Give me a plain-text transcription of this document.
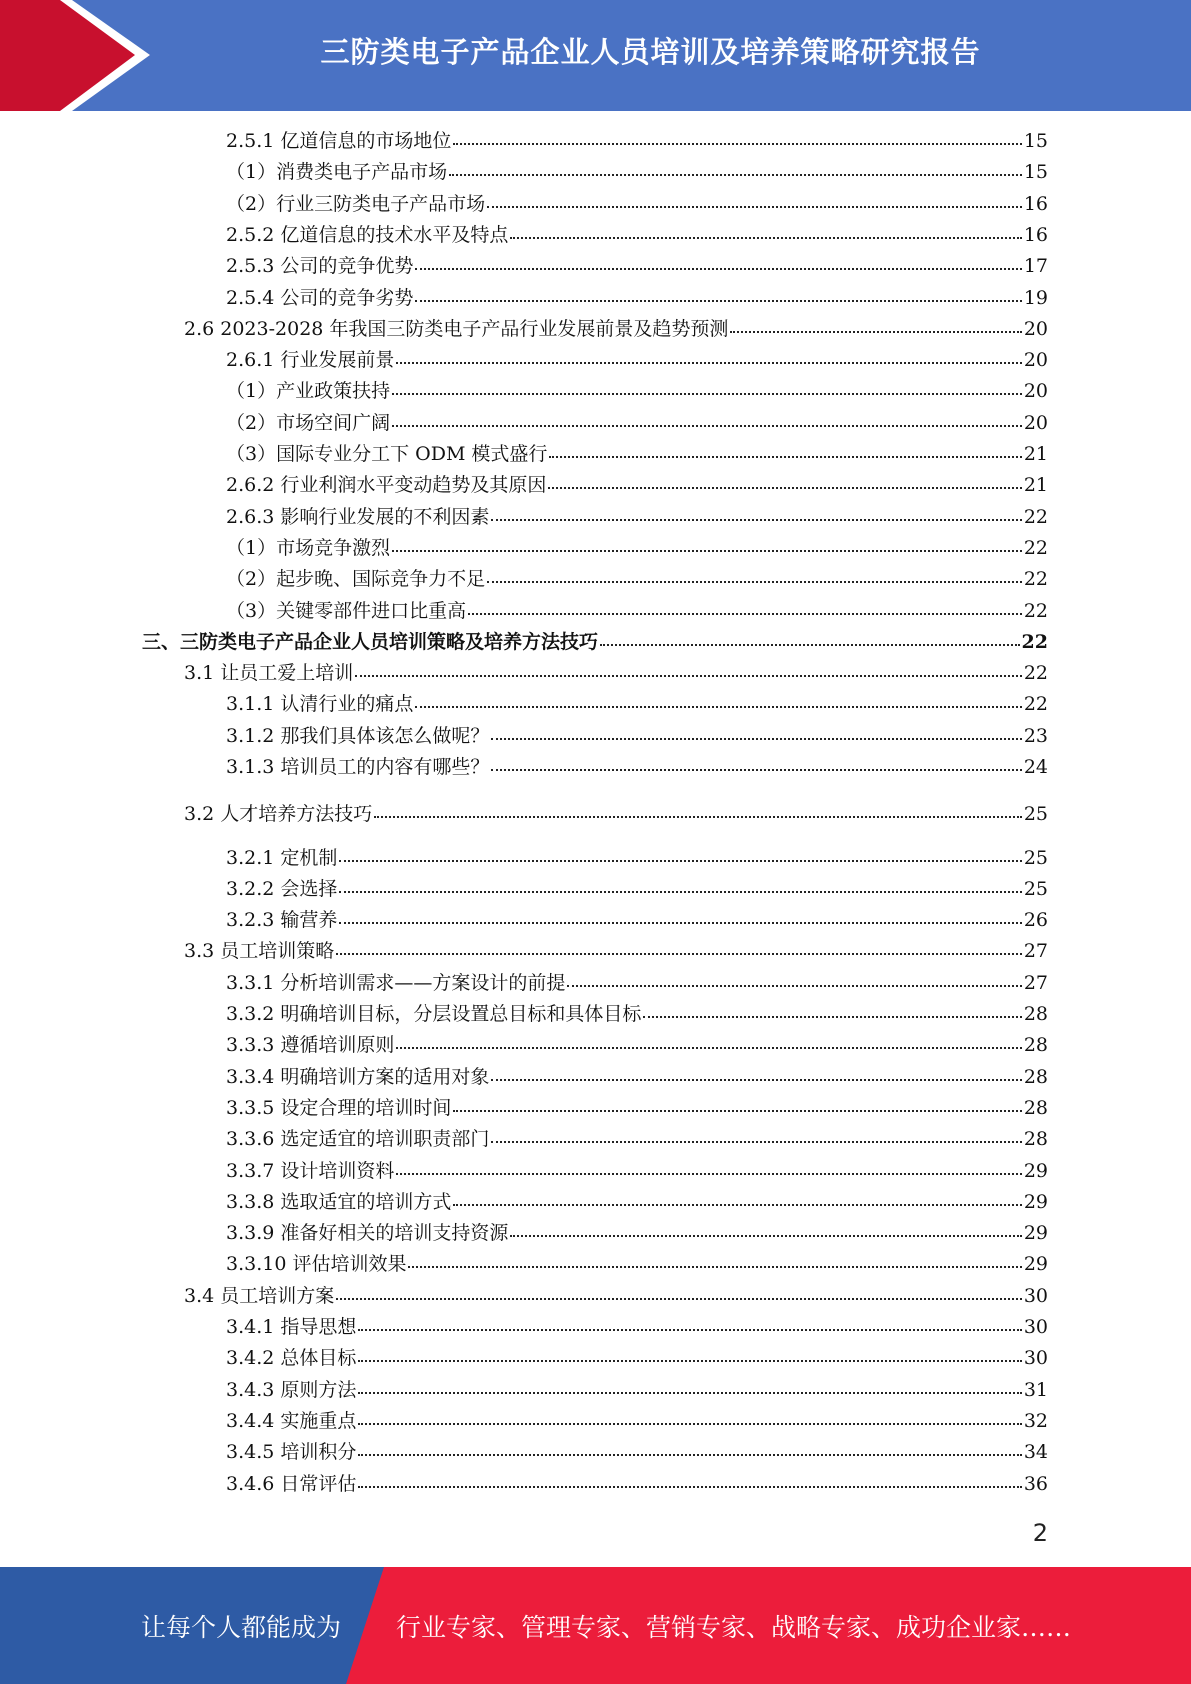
三防类电子产品企业人员培训及培养策略研究报告
2.5.1 亿道信息的市场地位	15
（1）消费类电子产品市场	15
（2）行业三防类电子产品市场	16
2.5.2 亿道信息的技术水平及特点	16
2.5.3 公司的竞争优势	17
2.5.4 公司的竞争劣势	19
2.6 2023-2028 年我国三防类电子产品行业发展前景及趋势预测	20
2.6.1 行业发展前景	20
（1）产业政策扶持	20
（2）市场空间广阔	20
（3）国际专业分工下 ODM 模式盛行	21
2.6.2 行业利润水平变动趋势及其原因	21
2.6.3 影响行业发展的不利因素	22
（1）市场竞争激烈	22
（2）起步晚、国际竞争力不足	22
（3）关键零部件进口比重高	22
三、三防类电子产品企业人员培训策略及培养方法技巧	22
3.1 让员工爱上培训	22
3.1.1 认清行业的痛点	22
3.1.2 那我们具体该怎么做呢？	23
3.1.3 培训员工的内容有哪些？	24
3.2 人才培养方法技巧	25
3.2.1 定机制	25
3.2.2 会选择	25
3.2.3 输营养	26
3.3 员工培训策略	27
3.3.1 分析培训需求——方案设计的前提	27
3.3.2 明确培训目标，分层设置总目标和具体目标	28
3.3.3 遵循培训原则	28
3.3.4 明确培训方案的适用对象	28
3.3.5 设定合理的培训时间	28
3.3.6 选定适宜的培训职责部门	28
3.3.7 设计培训资料	29
3.3.8 选取适宜的培训方式	29
3.3.9 准备好相关的培训支持资源	29
3.3.10 评估培训效果	29
3.4 员工培训方案	30
3.4.1 指导思想	30
3.4.2 总体目标	30
3.4.3 原则方法	31
3.4.4 实施重点	32
3.4.5 培训积分	34
3.4.6 日常评估	36
2
让每个人都能成为 行业专家、管理专家、营销专家、战略专家、成功企业家……
